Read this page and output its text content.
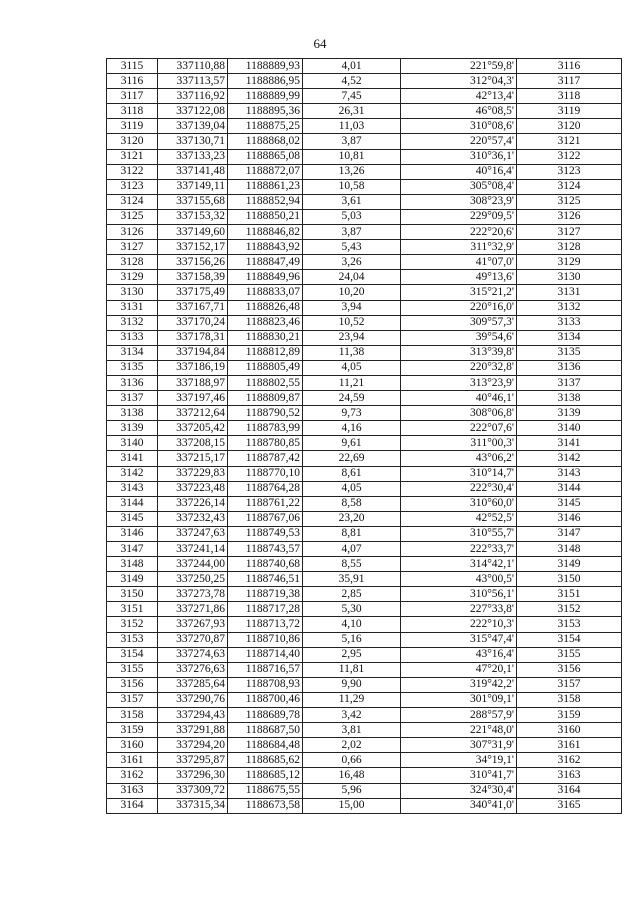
64
3115	337110,88	1188889,93	4,01	221°59,8'	3116
3116	337113,57	1188886,95	4,52	312°04,3'	3117
3117	337116,92	1188889,99	7,45	42°13,4'	3118
3118	337122,08	1188895,36	26,31	46°08,5'	3119
3119	337139,04	1188875,25	11,03	310°08,6'	3120
3120	337130,71	1188868,02	3,87	220°57,4'	3121
3121	337133,23	1188865,08	10,81	310°36,1'	3122
3122	337141,48	1188872,07	13,26	40°16,4'	3123
3123	337149,11	1188861,23	10,58	305°08,4'	3124
3124	337155,68	1188852,94	3,61	308°23,9'	3125
3125	337153,32	1188850,21	5,03	229°09,5'	3126
3126	337149,60	1188846,82	3,87	222°20,6'	3127
3127	337152,17	1188843,92	5,43	311°32,9'	3128
3128	337156,26	1188847,49	3,26	41°07,0'	3129
3129	337158,39	1188849,96	24,04	49°13,6'	3130
3130	337175,49	1188833,07	10,20	315°21,2'	3131
3131	337167,71	1188826,48	3,94	220°16,0'	3132
3132	337170,24	1188823,46	10,52	309°57,3'	3133
3133	337178,31	1188830,21	23,94	39°54,6'	3134
3134	337194,84	1188812,89	11,38	313°39,8'	3135
3135	337186,19	1188805,49	4,05	220°32,8'	3136
3136	337188,97	1188802,55	11,21	313°23,9'	3137
3137	337197,46	1188809,87	24,59	40°46,1'	3138
3138	337212,64	1188790,52	9,73	308°06,8'	3139
3139	337205,42	1188783,99	4,16	222°07,6'	3140
3140	337208,15	1188780,85	9,61	311°00,3'	3141
3141	337215,17	1188787,42	22,69	43°06,2'	3142
3142	337229,83	1188770,10	8,61	310°14,7'	3143
3143	337223,48	1188764,28	4,05	222°30,4'	3144
3144	337226,14	1188761,22	8,58	310°60,0'	3145
3145	337232,43	1188767,06	23,20	42°52,5'	3146
3146	337247,63	1188749,53	8,81	310°55,7'	3147
3147	337241,14	1188743,57	4,07	222°33,7'	3148
3148	337244,00	1188740,68	8,55	314°42,1'	3149
3149	337250,25	1188746,51	35,91	43°00,5'	3150
3150	337273,78	1188719,38	2,85	310°56,1'	3151
3151	337271,86	1188717,28	5,30	227°33,8'	3152
3152	337267,93	1188713,72	4,10	222°10,3'	3153
3153	337270,87	1188710,86	5,16	315°47,4'	3154
3154	337274,63	1188714,40	2,95	43°16,4'	3155
3155	337276,63	1188716,57	11,81	47°20,1'	3156
3156	337285,64	1188708,93	9,90	319°42,2'	3157
3157	337290,76	1188700,46	11,29	301°09,1'	3158
3158	337294,43	1188689,78	3,42	288°57,9'	3159
3159	337291,88	1188687,50	3,81	221°48,0'	3160
3160	337294,20	1188684,48	2,02	307°31,9'	3161
3161	337295,87	1188685,62	0,66	34°19,1'	3162
3162	337296,30	1188685,12	16,48	310°41,7'	3163
3163	337309,72	1188675,55	5,96	324°30,4'	3164
3164	337315,34	1188673,58	15,00	340°41,0'	3165
